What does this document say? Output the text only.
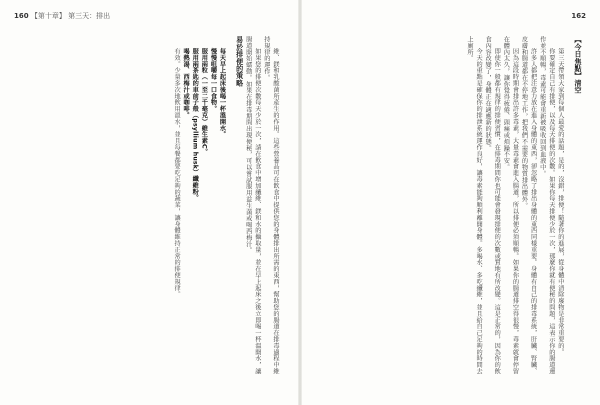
160 【第十章】 第三天：排出

維、鎂和乳酸菌所產生的作用。這些營養品可在飲食中提供您的身體排出所需的東西，幫助您的腸道在排毒過程中維持規律的運作。

如果您的排便次數每天少於一次，請在飲食中增加纖維、鎂和水的攝取量，並在早上起床之後立即喝一杯溫開水，讓腸道開始蠕動。如果在排毒期間出現便秘，可以嘗試服用益生菌或喝西梅汁。

易於排便的策略

每天早上起床後喝一杯溫開水。

慢慢咀嚼每一口食物。

服用兩粒（一至二千毫克）維生素C。

服用兩茶匙的車前子殼（psyllium husk）纖維粉。

喝熱湯、西梅汁或咖啡。

有效。少量多次地飲用溫水，並且每餐都要吃足夠的蔬菜，讓身體維持正常的排便規律。

162
【今日焦點】清空

第三天帶領大家到每個人最愛的話題，是的，沒錯，排便！隨著你的進展，從身體中清除廢物是非常重要的。

你要確定自己有排便，以及每天排便的次數。如果你每天排便少於一次，那麼你就有便秘的問題，這表示你的腸道運作並不順暢，毒素可能會重新被吸收回到血液中。

許多人都把注意力放在進入身體的東西，卻忽略了排出身體的東西同樣重要。身體有自己的排毒系統，肝臟、腎臟、皮膚和腸道都在不停地工作，把我們不需要的物質排出體外。

因為這段時期會排出許多毒素，大量毒素會進入腸道，所以排便必須順暢。如果你的腸道排空得很慢，毒素就會停留在體內太久，讓你覺得疲倦、頭痛或煩躁不安。

即使你一般都有規律的排便習慣，在排毒期間你也可能會發現排便的次數或質地有所改變。這是正常的，因為你的飲食內容改變了，身體正在適應新的狀態。

今天的重點是確保你的排泄系統運作良好，讓毒素能夠順利離開身體。多喝水、多吃纖維，並且給自己足夠的時間去上廁所。
